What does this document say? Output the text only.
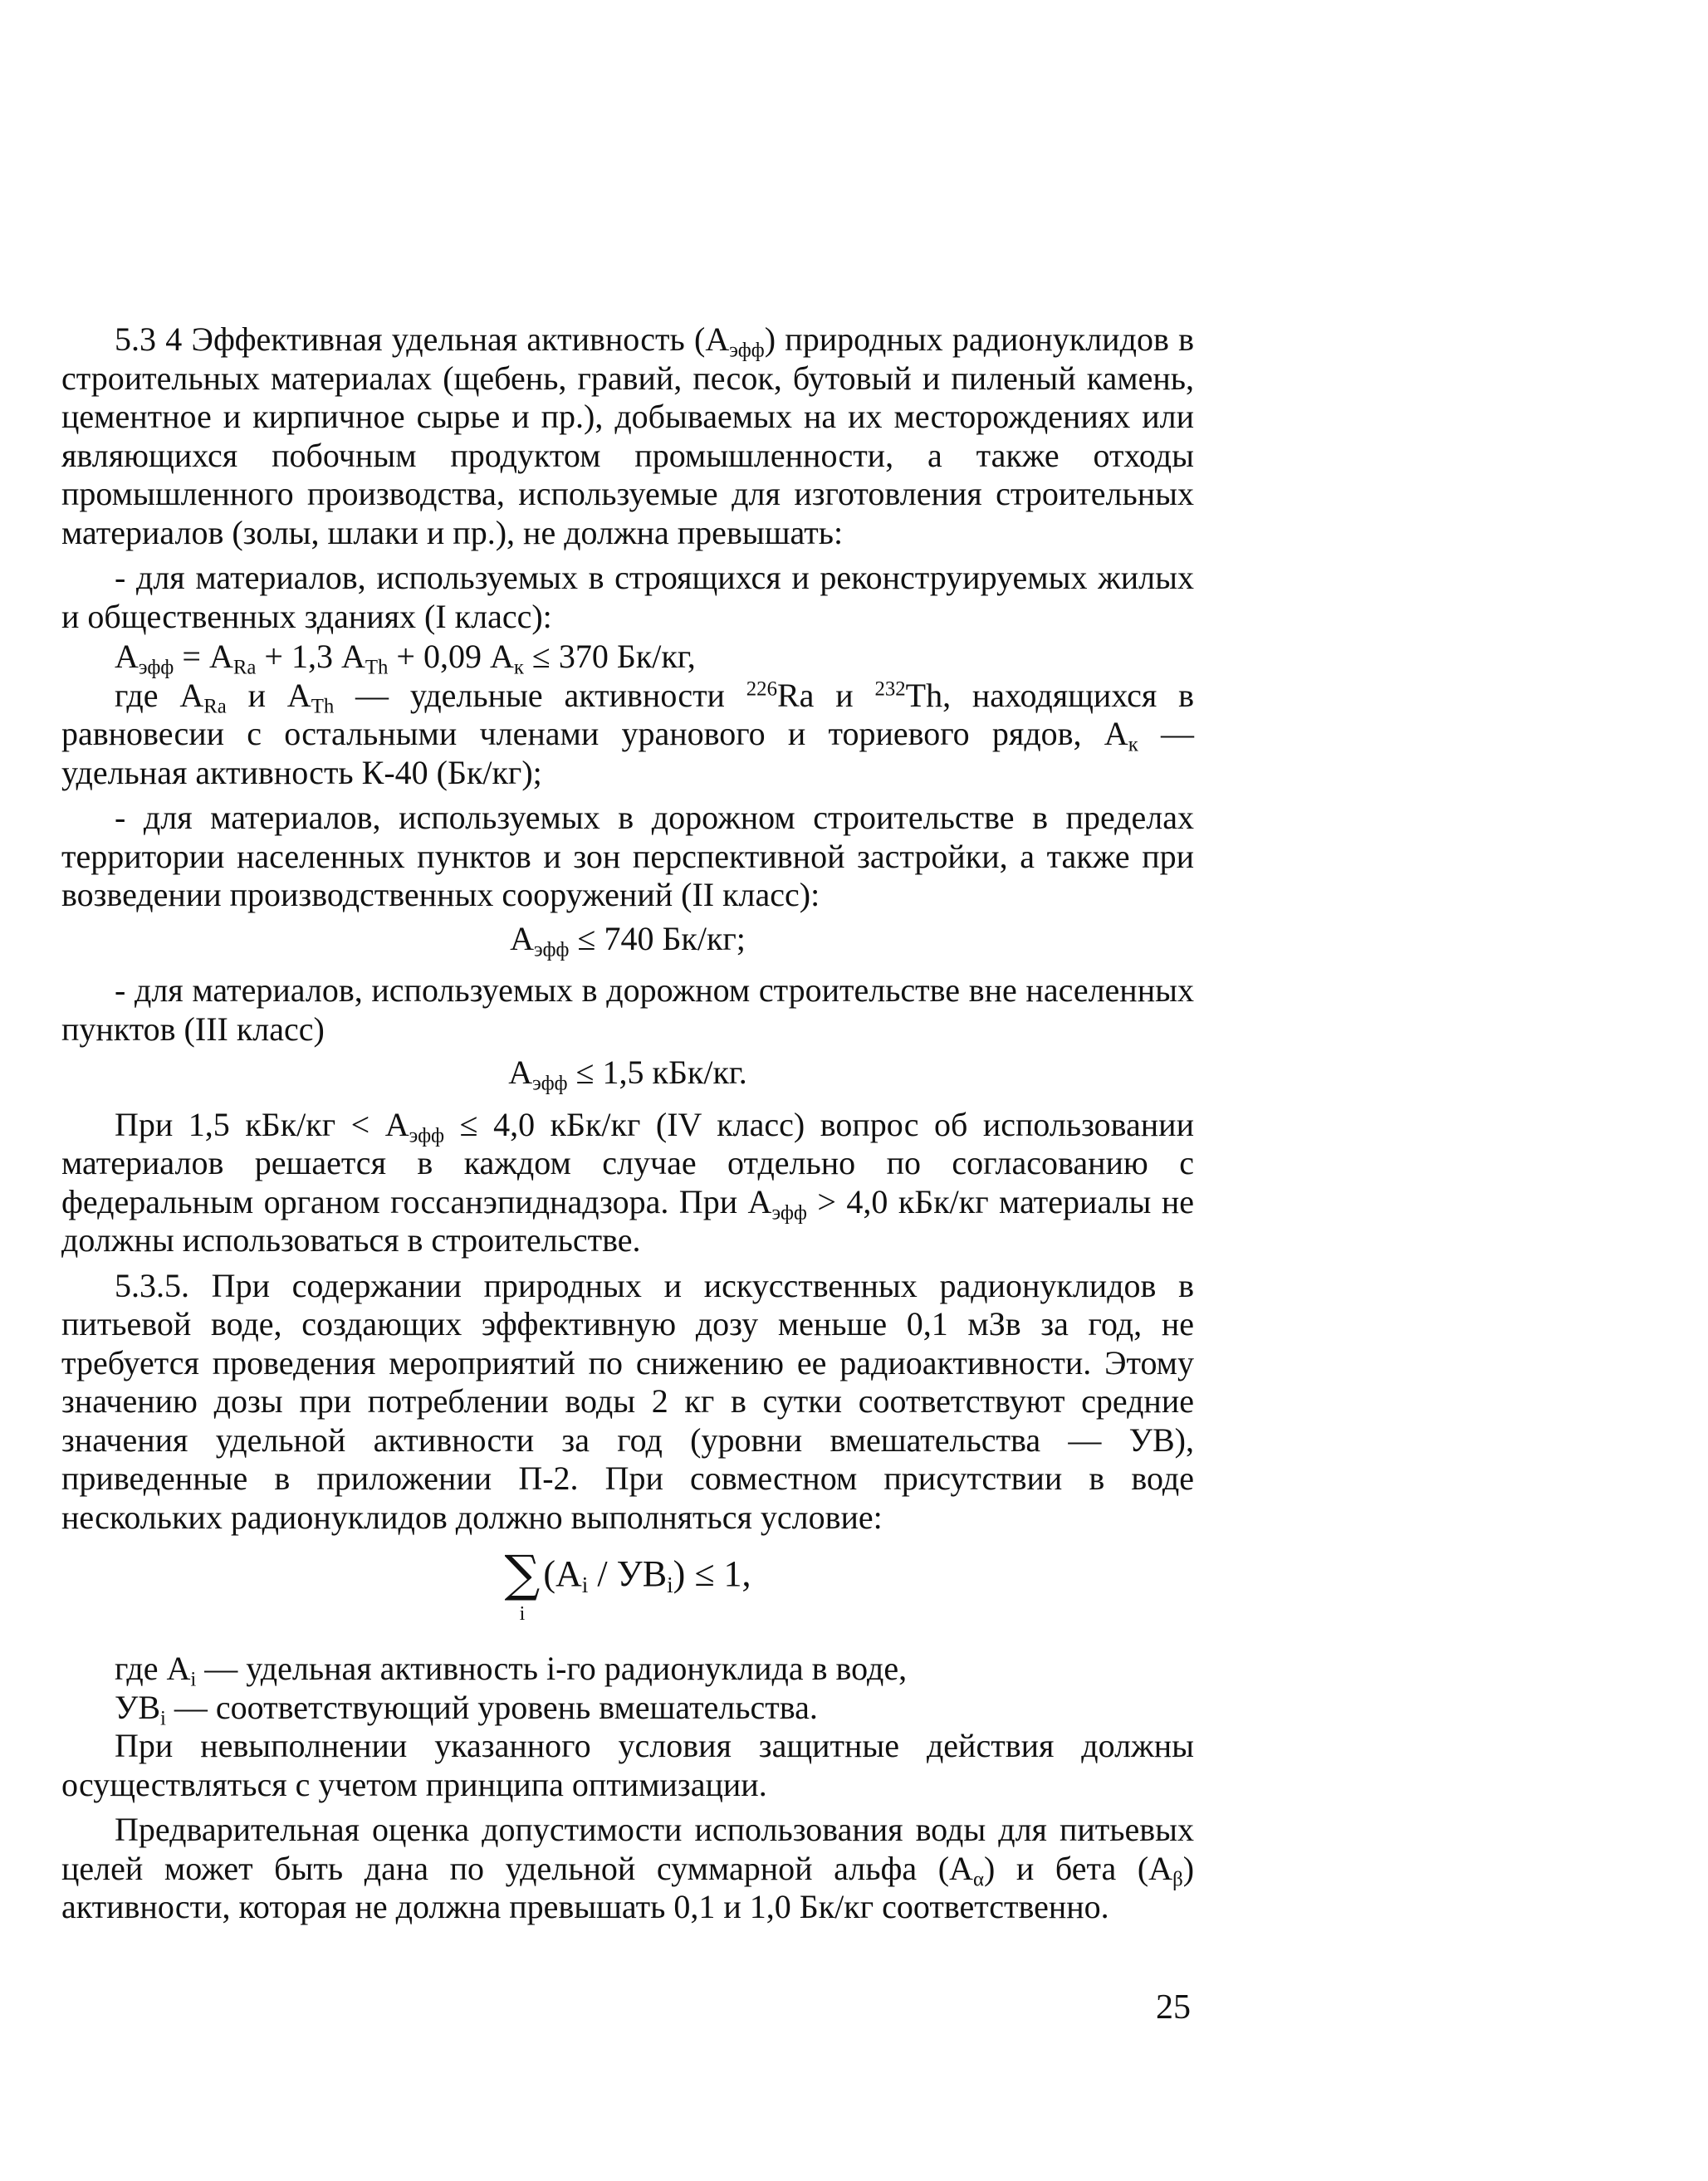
5.3 4 Эффективная удельная активность $(А_{эфф})$ природных радионуклидов в строительных материалах (щебень, гравий, песок, бутовый и пиленый камень, цементное и кирпичное сырье и пр.), добываемых на их месторождениях или являющихся побочным продуктом промышленности, а также отходы промышленного производства, используемые для изготовления строительных материалов (золы, шлаки и пр.), не должна превышать:

- для материалов, используемых в строящихся и реконструируемых жилых и общественных зданиях (I класс):

$А_{эфф} = А_{Ra} + 1,3$ $А_{Th} + 0,09$ $А_к \le 370$ Бк/кг,

где $А_{Ra}$ и $А_{Th}$ — удельные активности $^{226}$Ra и $^{232}$Th, находящихся в равновесии с остальными членами уранового и ториевого рядов, $А_к$ — удельная активность К-40 (Бк/кг);

- для материалов, используемых в дорожном строительстве в пределах территории населенных пунктов и зон перспективной застройки, а также при возведении производственных сооружений (II класс):

$А_{эфф} \le 740$ Бк/кг;

- для материалов, используемых в дорожном строительстве вне населенных пунктов (III класс)

$А_{эфф} \le 1,5$ кБк/кг.

При 1,5 $кБк/кг < А_{эфф} \le 4,0$ кБк/кг (IV класс) вопрос об использовании материалов решается в каждом случае отдельно по согласованию с федеральным органом госсанэпиднадзора. При $А_{эфф} > 4,0$ кБк/кг материалы не должны использоваться в строительстве.

5.3.5. При содержании природных и искусственных радионуклидов в питьевой воде, создающих эффективную дозу меньше 0,1 мЗв за год, не требуется проведения мероприятий по снижению ее радиоактивности. Этому значению дозы при потреблении воды 2 кг в сутки соответствуют средние значения удельной активности за год (уровни вмешательства — УВ), приведенные в приложении П-2. При совместном присутствии в воде нескольких радионуклидов должно выполняться условие:

∑
i
$(А_i / УВ_i) \le 1$,

где $А_i$ — удельная активность i-го радионуклида в воде,

$УВ_i$ — соответствующий уровень вмешательства.

При невыполнении указанного условия защитные действия должны осуществляться с учетом принципа оптимизации.

Предварительная оценка допустимости использования воды для питьевых целей может быть дана по удельной суммарной альфа $(А_\alpha)$ и бета $(А_\beta)$ активности, которая не должна превышать 0,1 и 1,0 Бк/кг соответственно.

25
